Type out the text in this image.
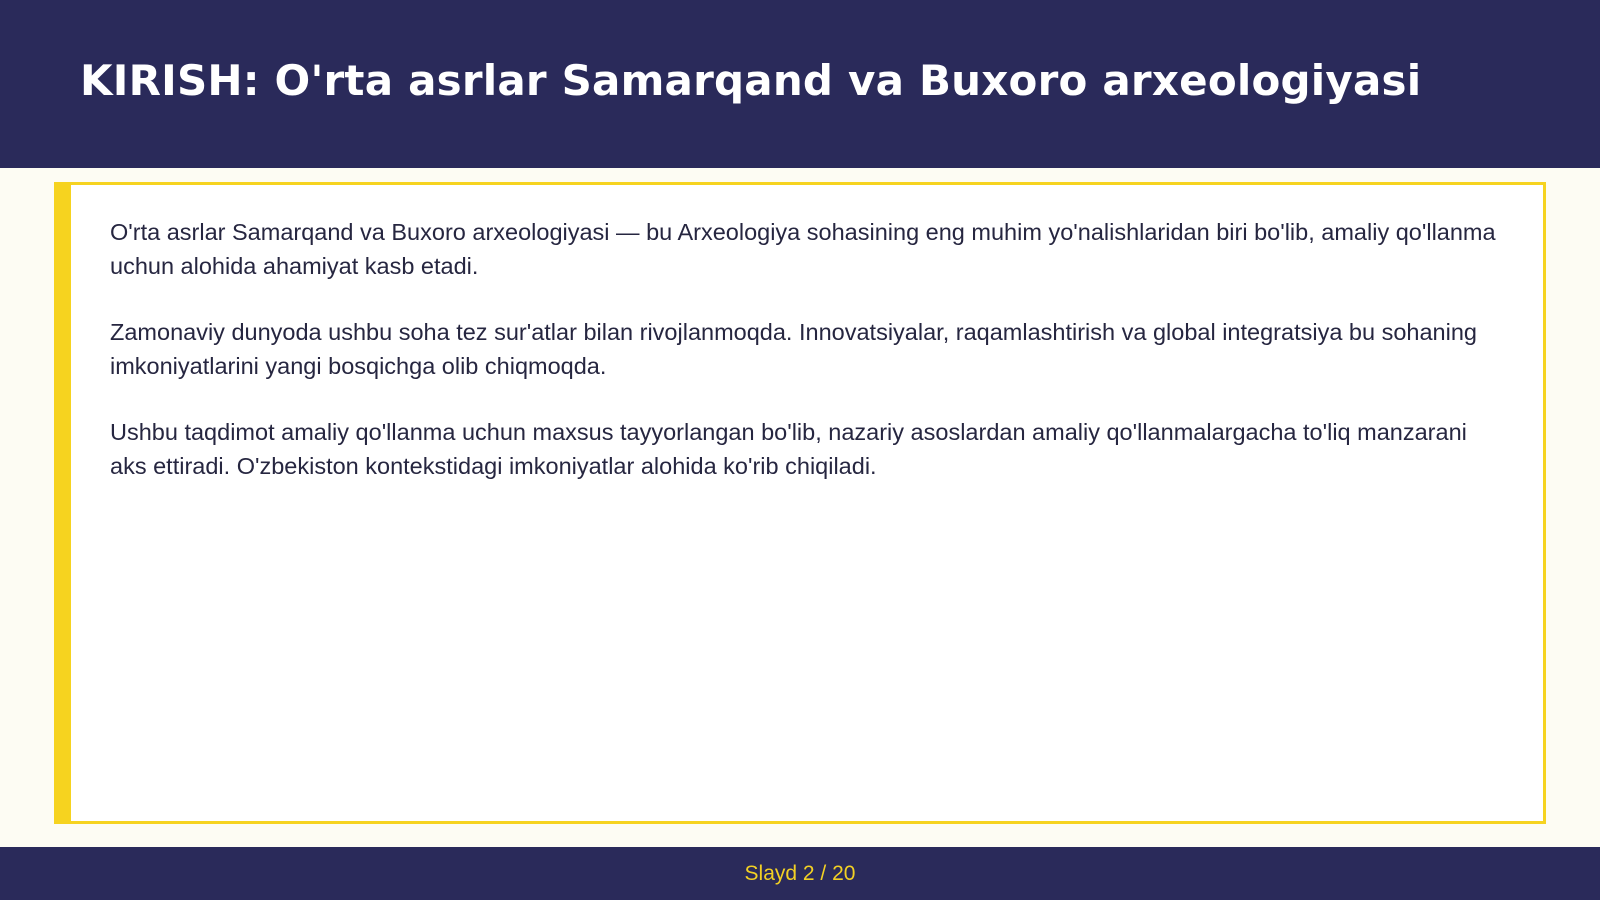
KIRISH: O'rta asrlar Samarqand va Buxoro arxeologiyasi

O'rta asrlar Samarqand va Buxoro arxeologiyasi — bu Arxeologiya sohasining eng muhim yo'nalishlaridan biri bo'lib, amaliy qo'llanma uchun alohida ahamiyat kasb etadi.

Zamonaviy dunyoda ushbu soha tez sur'atlar bilan rivojlanmoqda. Innovatsiyalar, raqamlashtirish va global integratsiya bu sohaning imkoniyatlarini yangi bosqichga olib chiqmoqda.

Ushbu taqdimot amaliy qo'llanma uchun maxsus tayyorlangan bo'lib, nazariy asoslardan amaliy qo'llanmalargacha to'liq manzarani aks ettiradi. O'zbekiston kontekstidagi imkoniyatlar alohida ko'rib chiqiladi.

Slayd 2 / 20
